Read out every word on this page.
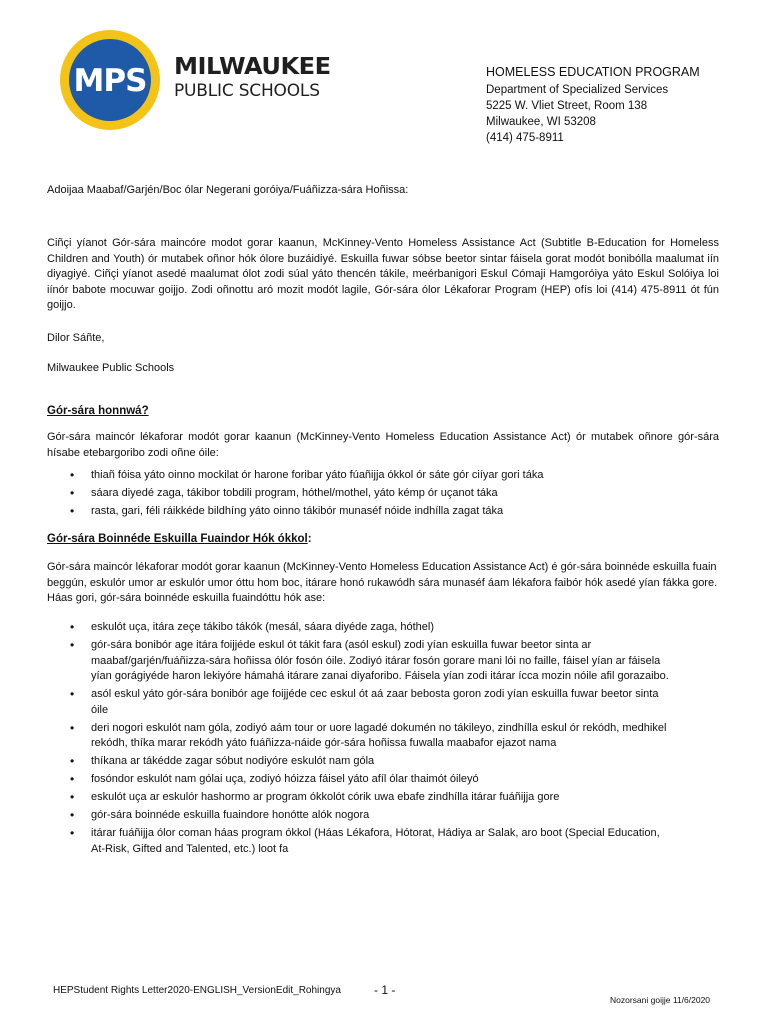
MPS MILWAUKEE
PUBLIC SCHOOLS
HOMELESS EDUCATION PROGRAM
Department of Specialized Services
5225 W. Vliet Street, Room 138
Milwaukee, WI 53208
(414) 475-8911
Adoijaa Maabaf/Garjén/Boc ólar Negerani goróiya/Fuáñizza-sára Hoñissa:
Ciñçi yíanot Gór-sára maincóre modot gorar kaanun, McKinney-Vento Homeless Assistance Act (Subtitle B-Education for Homeless Children and Youth) ór mutabek oñnor hók ólore buzáidiyé. Eskuilla fuwar sóbse beetor sintar fáisela gorat modót bonibólla maalumat iín diyagiyé. Ciñçi yíanot asedé maalumat ólot zodi súal yáto thencén tákile, meérbanigori Eskul Cómaji Hamgoróiya yáto Eskul Solóiya loi iínór babote mocuwar goijjo. Zodi oñnottu aró mozit modót lagile, Gór-sára ólor Lékaforar Program (HEP) ofís loi (414) 475-8911 ót fún goijjo.
Dilor Sáñte,
Milwaukee Public Schools
Gór-sára honnwá?
Gór-sára maincór lékaforar modót gorar kaanun (McKinney-Vento Homeless Education Assistance Act) ór mutabek oñnore gór-sára hísabe etebargoribo zodi oñne óile:
• thiañ fóisa yáto oinno mockilat ór harone foribar yáto fúañijja ókkol ór sáte gór ciíyar gori táka
• sáara diyedé zaga, tákibor tobdili program, hóthel/mothel, yáto kémp ór uçanot táka
• rasta, gari, féli ráikkéde bildhíng yáto oinno tákibór munaséf nóide indhílla zagat táka
Gór-sára Boinnéde Eskuilla Fuaindor Hók ókkol:
Gór-sára maincór lékaforar modót gorar kaanun (McKinney-Vento Homeless Education Assistance Act) é gór-sára boinnéde eskuilla fuain beggún, eskulór umor ar eskulór umor óttu hom boc, itárare honó rukawódh sára munaséf áam lékafora faibór hók asedé yían fákka gore. Háas gori, gór-sára boinnéde eskuilla fuaindóttu hók ase:
• eskulót uça, itára zeçe tákibo tákók (mesál, sáara diyéde zaga, hóthel)
• gór-sára bonibór age itára foijjéde eskul ót tákit fara (asól eskul) zodi yían eskuilla fuwar beetor sinta ar maabaf/garjén/fuáñizza-sára hoñissa ólór fosón óile. Zodiyó itárar fosón gorare mani lói no faille, fáisel yían ar fáisela yían gorágiyéde haron lekiyóre hámahá itárare zanai diyaforibo. Fáisela yían zodi itárar ícca mozin nóile afil gorazaibo.
• asól eskul yáto gór-sára bonibór age foijjéde cec eskul ót aá zaar bebosta goron zodi yían eskuilla fuwar beetor sinta óile
• deri nogori eskulót nam góla, zodiyó aám tour or uore lagadé dokumén no tákileyo, zindhílla eskul ór rekódh, medhikel rekódh, thíka marar rekódh yáto fuáñizza-náide gór-sára hoñissa fuwalla maabafor ejazot nama
• thíkana ar tákédde zagar sóbut nodiyóre eskulót nam góla
• fosóndor eskulót nam gólai uça, zodiyó hóizza fáisel yáto afíl ólar thaimót óileyó
• eskulót uça ar eskulór hashormo ar program ókkolót córik uwa ebafe zindhílla itárar fuáñijja gore
• gór-sára boinnéde eskuilla fuaindore honótte alók nogora
• itárar fuáñijja ólor coman háas program ókkol (Háas Lékafora, Hótorat, Hádiya ar Salak, aro boot (Special Education, At-Risk, Gifted and Talented, etc.) loot fa
HEPStudent Rights Letter2020-ENGLISH_VersionEdit_Rohingya	- 1 -
Nozorsani goijje 11/6/2020
